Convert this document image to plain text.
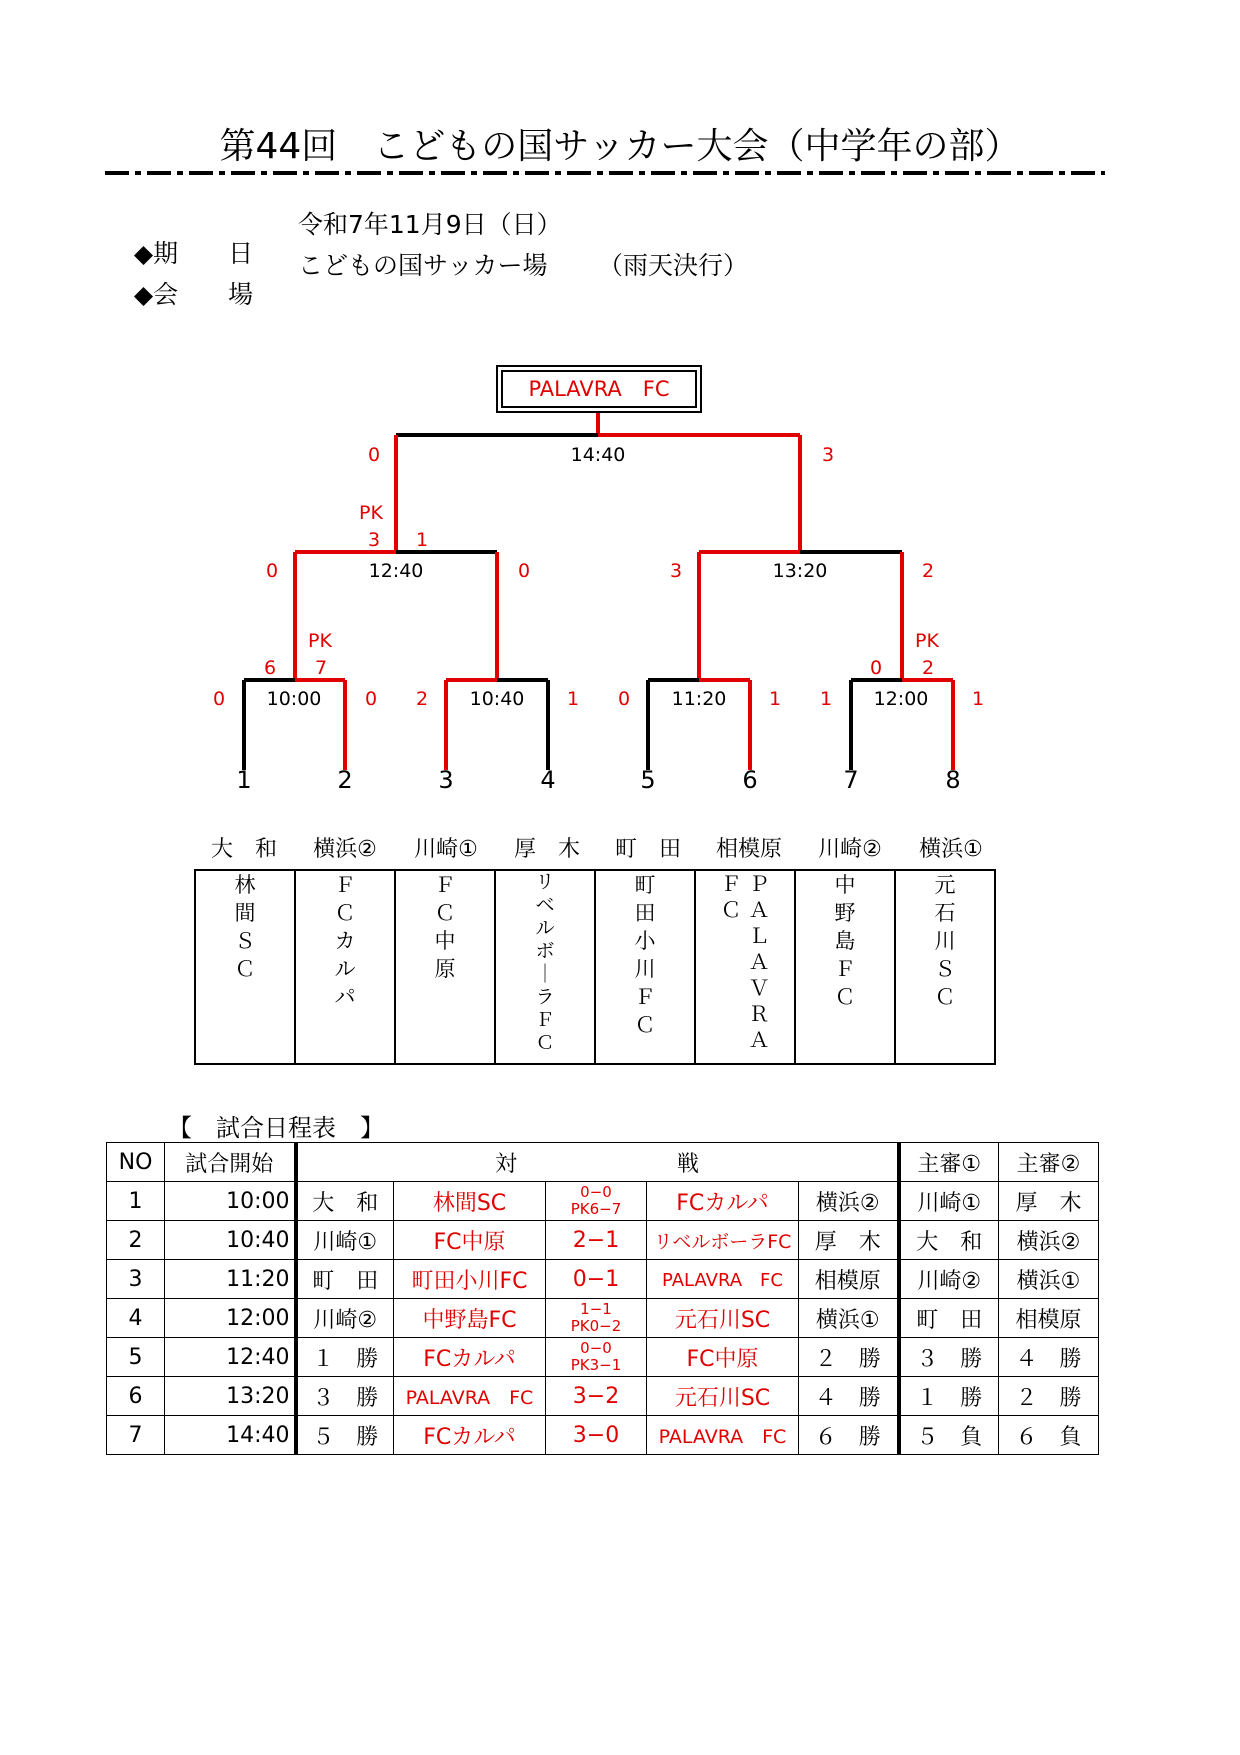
第44回　こどもの国サッカー大会（中学年の部）

◆期　　日

令和7年11月9日（日）

◆会　　場

こどもの国サッカー場

（雨天決行）

PALAVRA　FC
14:40
0	3
PK
3 1
12:40
0	0	13:20
3	2
PK
6 7
10:00
0	0	10:40
2	1	11:20
0	1
PK
0 2
12:00
1	1
1	2	3	4	5	6	7	8
大　和	横浜②	川崎①	厚　木	町　田	相模原	川崎②	横浜①
林
間
Ｓ
Ｃ

Ｆ
Ｃ
カ
ル
パ

Ｆ
Ｃ
中
原

リ
ベ
ル
ボ
｜
ラ
Ｆ
Ｃ

町
田
小
川
Ｆ
Ｃ

Ｐ
Ａ
Ｌ
Ａ
Ｖ
Ｒ
Ａ
Ｆ
Ｃ

中
野
島
Ｆ
Ｃ

元
石
川
Ｓ
Ｃ
【　試合日程表　】
NO	試合開始	対 戦					主審①	主審②
1	10:00	大　和	林間SC	0−0
PK6−7	FCカルパ	横浜②	川崎①	厚　木
2	10:40	川崎①	FC中原	2−1	リベルボーラFC	厚　木	大　和	横浜②
3	11:20	町　田	町田小川FC	0−1	PALAVRA　FC	相模原	川崎②	横浜①
4	12:00	川崎②	中野島FC	1−1
PK0−2	元石川SC	横浜①	町　田	相模原
5	12:40	１　勝	FCカルパ	0−0
PK3−1	FC中原	２　勝	３　勝	４　勝
6	13:20	３　勝	PALAVRA　FC	3−2	元石川SC	４　勝	１　勝	２　勝
7	14:40	５　勝	FCカルパ	3−0	PALAVRA　FC	６　勝	５　負	６　負
